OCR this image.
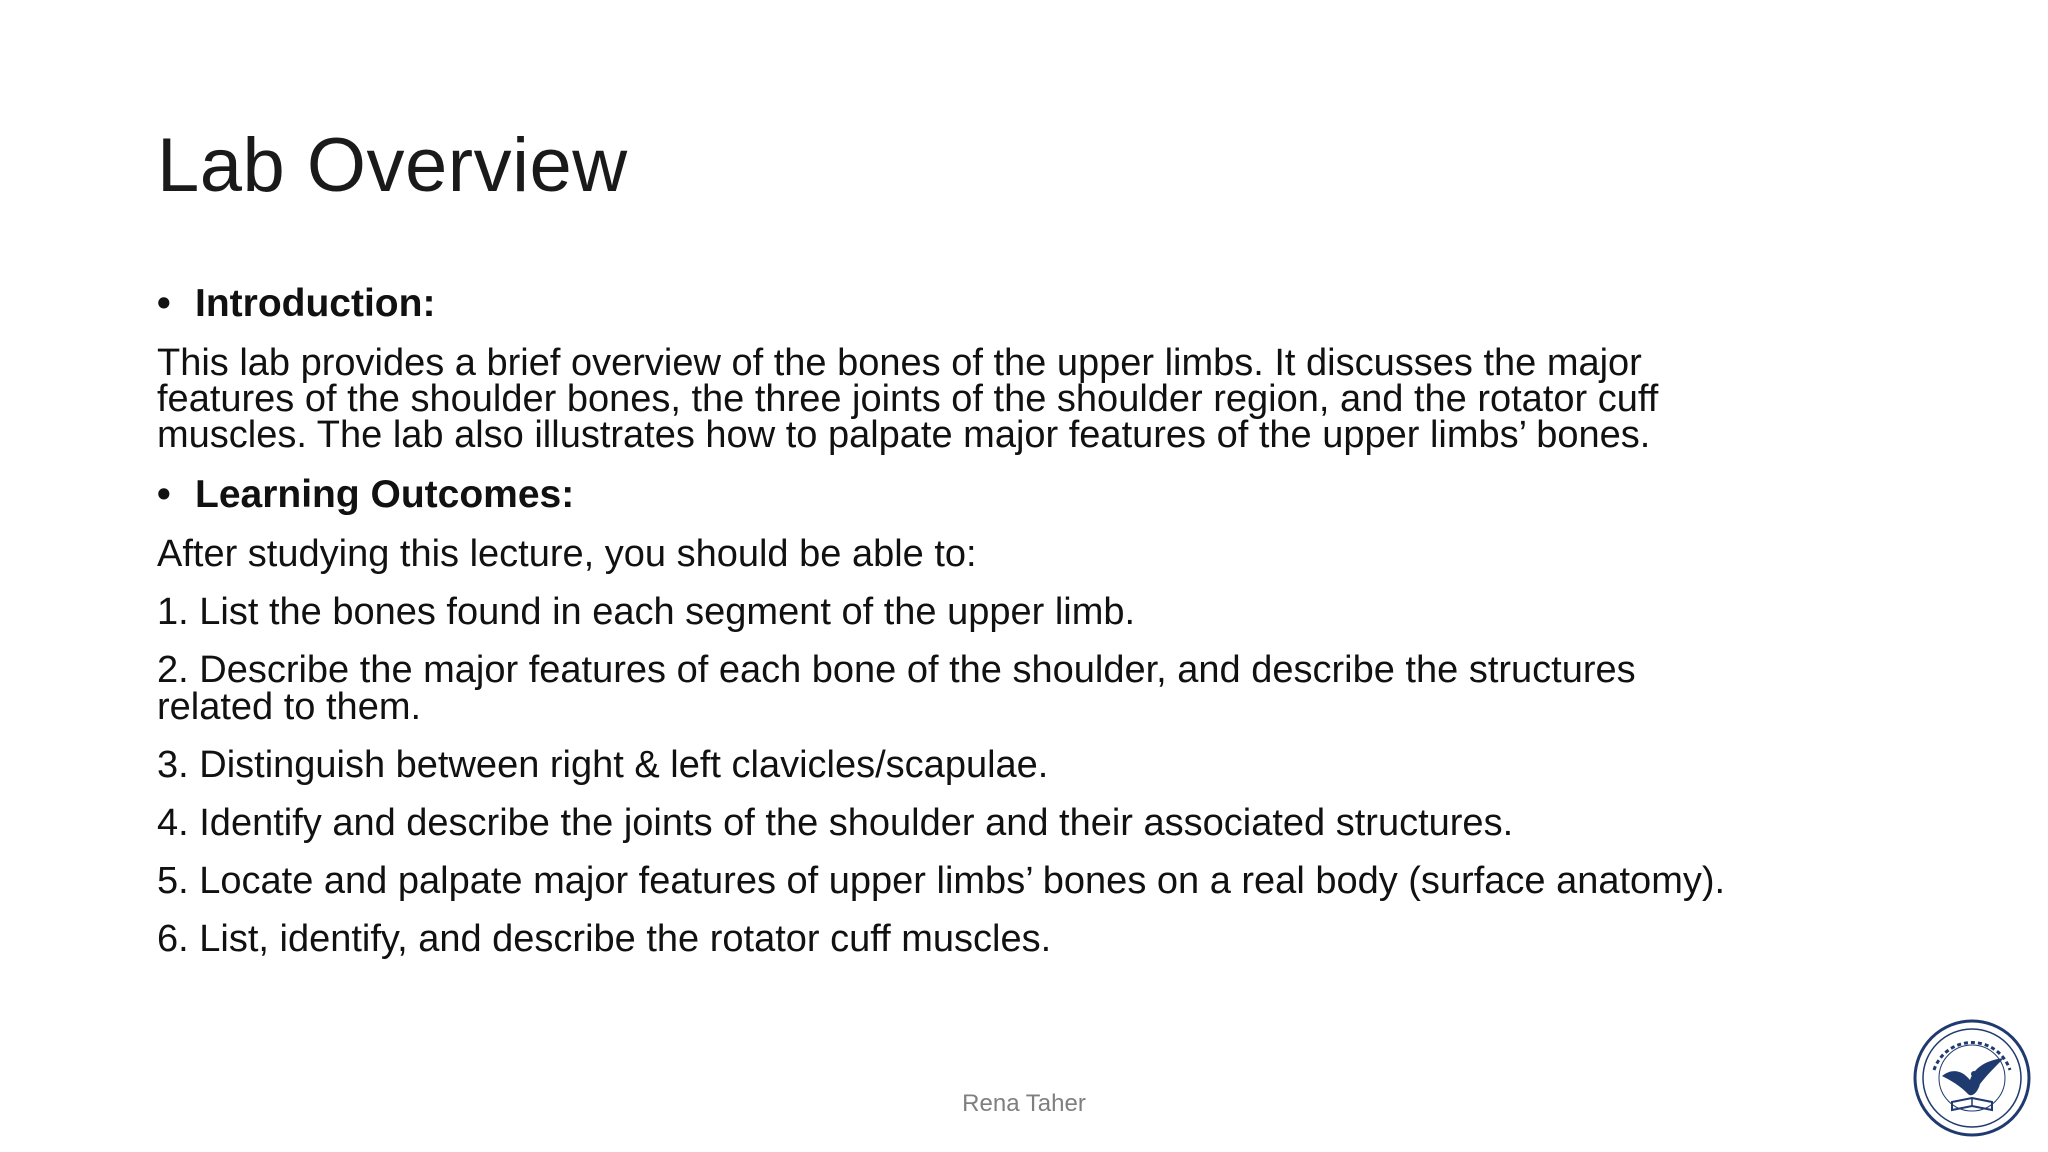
Lab Overview
• Introduction:

This lab provides a brief overview of the bones of the upper limbs. It discusses the major
features of the shoulder bones, the three joints of the shoulder region, and the rotator cuff
muscles. The lab also illustrates how to palpate major features of the upper limbs’ bones.

• Learning Outcomes:

After studying this lecture, you should be able to:

1. List the bones found in each segment of the upper limb.

2. Describe the major features of each bone of the shoulder, and describe the structures
related to them.

3. Distinguish between right & left clavicles/scapulae.

4. Identify and describe the joints of the shoulder and their associated structures.

5. Locate and palpate major features of upper limbs’ bones on a real body (surface anatomy).

6. List, identify, and describe the rotator cuff muscles.

Rena Taher
